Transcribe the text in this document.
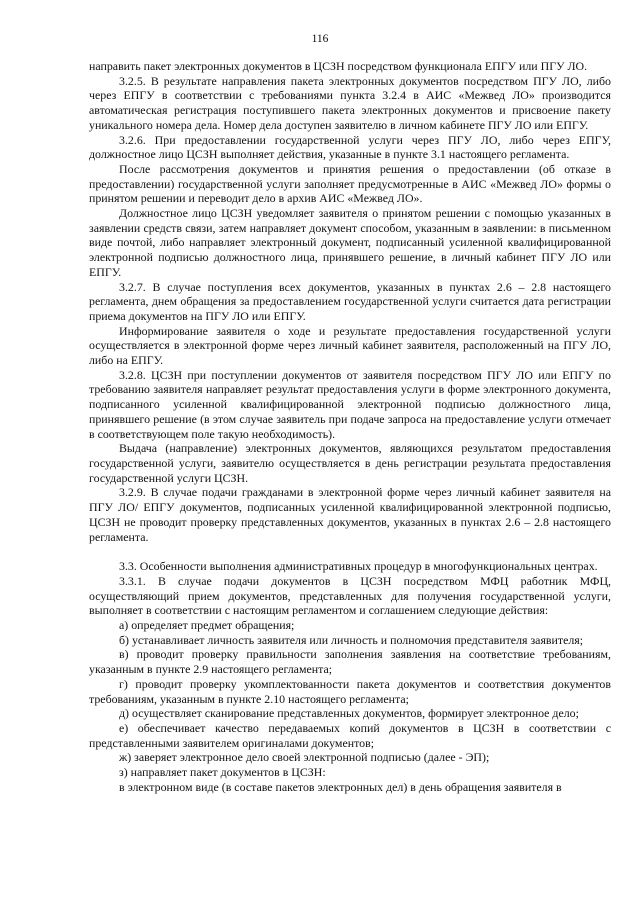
116

направить пакет электронных документов в ЦСЗН посредством функционала ЕПГУ или ПГУ ЛО.

3.2.5. В результате направления пакета электронных документов посредством ПГУ ЛО, либо через ЕПГУ в соответствии с требованиями пункта 3.2.4 в АИС «Межвед ЛО» производится автоматическая регистрация поступившего пакета электронных документов и присвоение пакету уникального номера дела. Номер дела доступен заявителю в личном кабинете ПГУ ЛО или ЕПГУ.

3.2.6. При предоставлении государственной услуги через ПГУ ЛО, либо через ЕПГУ, должностное лицо ЦСЗН выполняет действия, указанные в пункте 3.1 настоящего регламента.

После рассмотрения документов и принятия решения о предоставлении (об отказе в предоставлении) государственной услуги заполняет предусмотренные в АИС «Межвед ЛО» формы о принятом решении и переводит дело в архив АИС «Межвед ЛО».

Должностное лицо ЦСЗН уведомляет заявителя о принятом решении с помощью указанных в заявлении средств связи, затем направляет документ способом, указанным в заявлении: в письменном виде почтой, либо направляет электронный документ, подписанный усиленной квалифицированной электронной подписью должностного лица, принявшего решение, в личный кабинет ПГУ ЛО или ЕПГУ.

3.2.7. В случае поступления всех документов, указанных в пунктах 2.6 – 2.8 настоящего регламента, днем обращения за предоставлением государственной услуги считается дата регистрации приема документов на ПГУ ЛО или ЕПГУ.

Информирование заявителя о ходе и результате предоставления государственной услуги осуществляется в электронной форме через личный кабинет заявителя, расположенный на ПГУ ЛО, либо на ЕПГУ.

3.2.8. ЦСЗН при поступлении документов от заявителя посредством ПГУ ЛО или ЕПГУ по требованию заявителя направляет результат предоставления услуги в форме электронного документа, подписанного усиленной квалифицированной электронной подписью должностного лица, принявшего решение (в этом случае заявитель при подаче запроса на предоставление услуги отмечает в соответствующем поле такую необходимость).

Выдача (направление) электронных документов, являющихся результатом предоставления государственной услуги, заявителю осуществляется в день регистрации результата предоставления государственной услуги ЦСЗН.

3.2.9. В случае подачи гражданами в электронной форме через личный кабинет заявителя на ПГУ ЛО/ ЕПГУ документов, подписанных усиленной квалифицированной электронной подписью, ЦСЗН не проводит проверку представленных документов, указанных в пунктах 2.6 – 2.8 настоящего регламента.

3.3. Особенности выполнения административных процедур в многофункциональных центрах.

3.3.1. В случае подачи документов в ЦСЗН посредством МФЦ работник МФЦ, осуществляющий прием документов, представленных для получения государственной услуги, выполняет в соответствии с настоящим регламентом и соглашением следующие действия:

а) определяет предмет обращения;

б) устанавливает личность заявителя или личность и полномочия представителя заявителя;

в) проводит проверку правильности заполнения заявления на соответствие требованиям, указанным в пункте 2.9 настоящего регламента;

г) проводит проверку укомплектованности пакета документов и соответствия документов требованиям, указанным в пункте 2.10 настоящего регламента;

д) осуществляет сканирование представленных документов, формирует электронное дело;

е) обеспечивает качество передаваемых копий документов в ЦСЗН в соответствии с представленными заявителем оригиналами документов;

ж) заверяет электронное дело своей электронной подписью (далее - ЭП);

з) направляет пакет документов в ЦСЗН:

в электронном виде (в составе пакетов электронных дел) в день обращения заявителя в
